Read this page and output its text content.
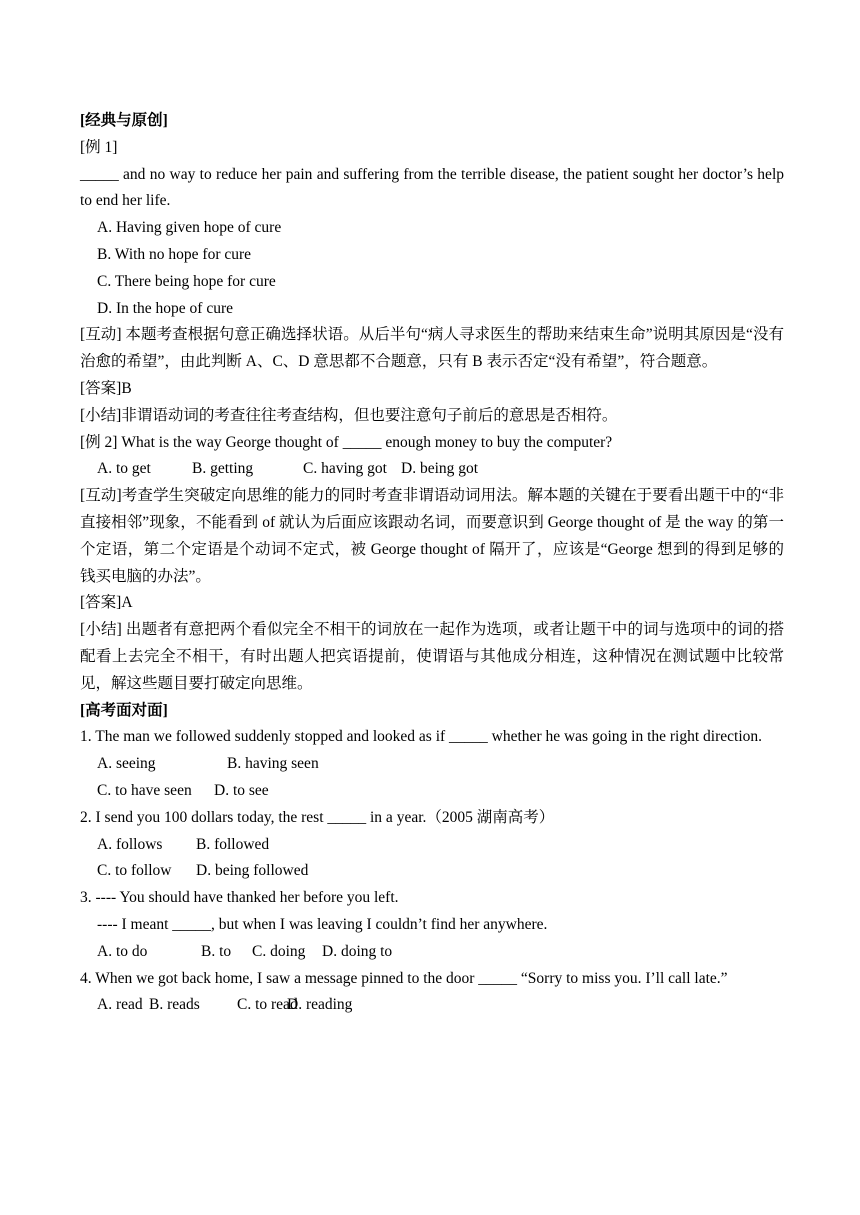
[经典与原创]
[例 1]
_____ and no way to reduce her pain and suffering from the terrible disease, the patient sought her doctor’s help to end her life.
A. Having given hope of cure
B. With no hope for cure
C. There being hope for cure
D. In the hope of cure
[互动] 本题考查根据句意正确选择状语。从后半句“病人寻求医生的帮助来结束生命”说明其原因是“没有治愈的希望”，由此判断 A、C、D 意思都不合题意，只有 B 表示否定“没有希望”，符合题意。
[答案]B
[小结]非谓语动词的考查往往考查结构，但也要注意句子前后的意思是否相符。
[例 2] What is the way George thought of _____ enough money to buy the computer?
A. to get	B. getting	C. having got D. being got
[互动]考查学生突破定向思维的能力的同时考查非谓语动词用法。解本题的关键在于要看出题干中的“非直接相邻”现象，不能看到 of 就认为后面应该跟动名词，而要意识到 George thought of 是 the way 的第一个定语，第二个定语是个动词不定式，被 George thought of 隔开了，应该是“George 想到的得到足够的钱买电脑的办法”。
[答案]A
[小结] 出题者有意把两个看似完全不相干的词放在一起作为选项，或者让题干中的词与选项中的词的搭配看上去完全不相干，有时出题人把宾语提前，使谓语与其他成分相连，这种情况在测试题中比较常见，解这些题目要打破定向思维。
[高考面对面]
1. The man we followed suddenly stopped and looked as if _____ whether he was going in the right direction.
A. seeing	B. having seen
C. to have seen D. to see
2. I send you 100 dollars today, the rest _____ in a year.（2005 湖南高考）
A. follows B. followed
C. to follow D. being followed
3. ---- You should have thanked her before you left.
---- I meant _____, but when I was leaving I couldn’t find her anywhere.
A. to do	B. to C. doing D. doing to
4. When we got back home, I saw a message pinned to the door _____ “Sorry to miss you. I’ll call late.”
A. read B. reads C. to readD. reading
